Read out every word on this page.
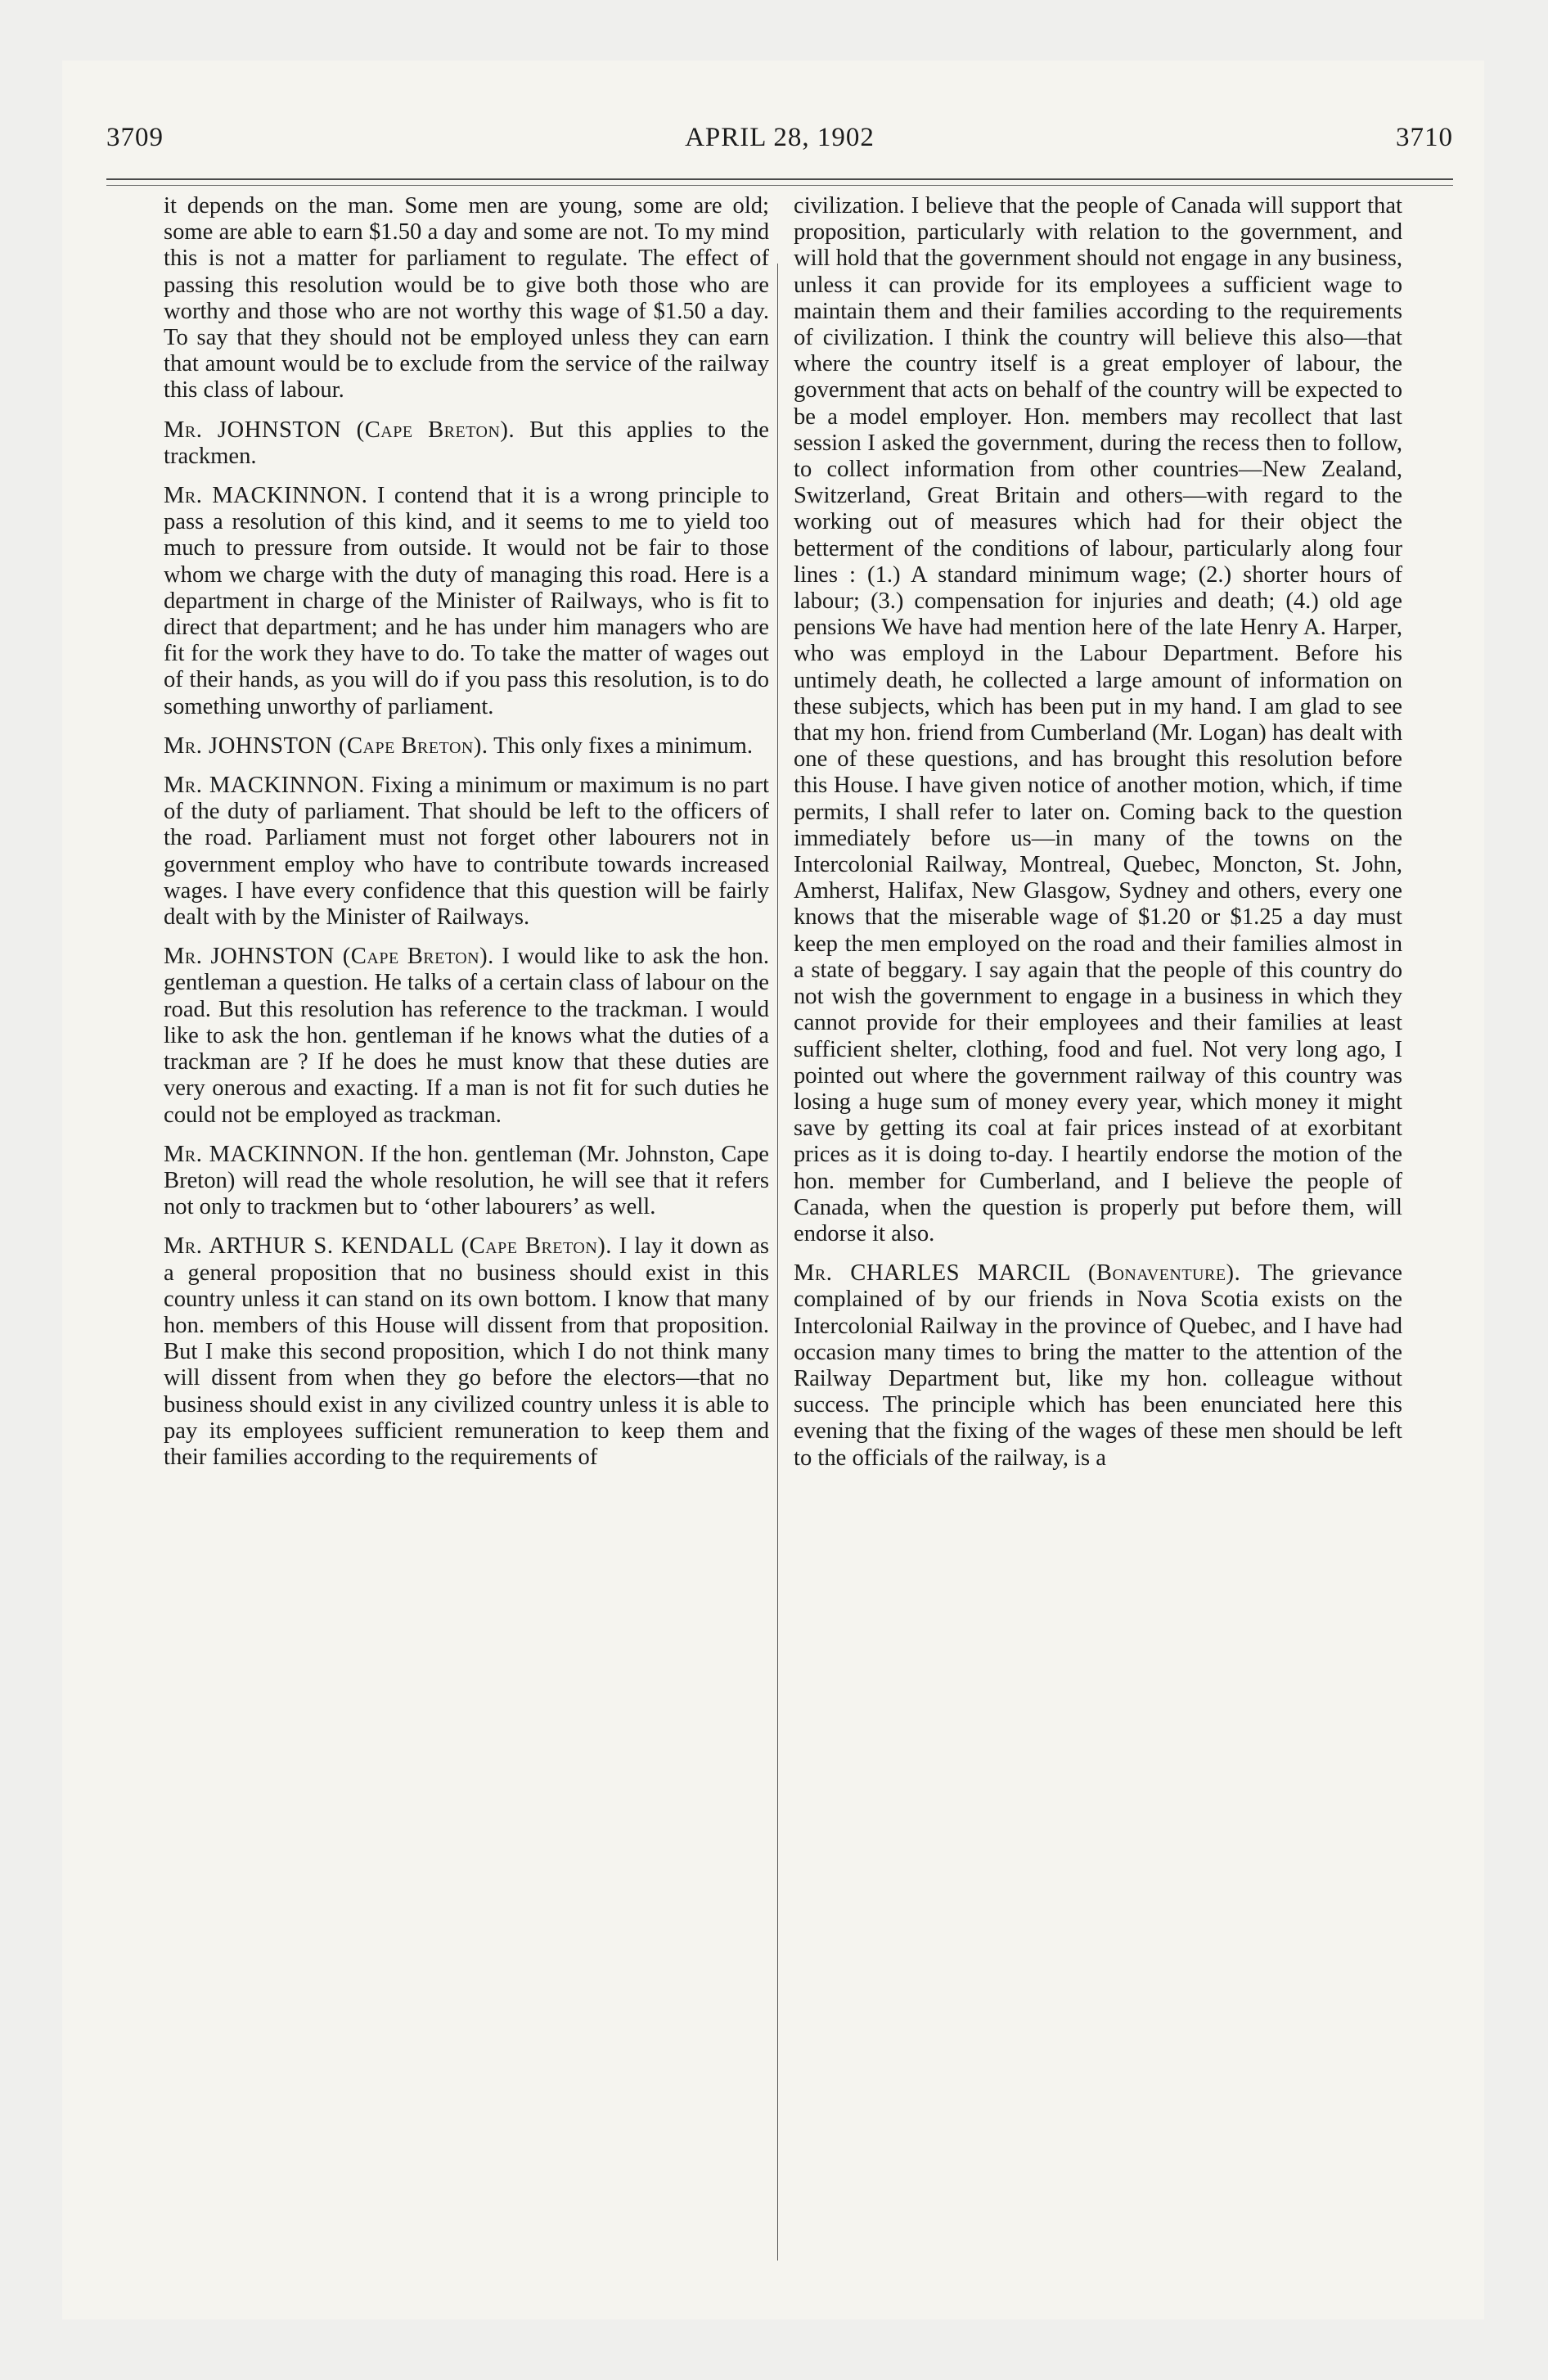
3709	APRIL 28, 1902	3710

it depends on the man. Some men are young, some are old; some are able to earn $1.50 a day and some are not. To my mind this is not a matter for parliament to regulate. The effect of passing this resolution would be to give both those who are worthy and those who are not worthy this wage of $1.50 a day. To say that they should not be employed unless they can earn that amount would be to exclude from the service of the railway this class of labour.

Mr. JOHNSTON (Cape Breton). But this applies to the trackmen.

Mr. MACKINNON. I contend that it is a wrong principle to pass a resolution of this kind, and it seems to me to yield too much to pressure from outside. It would not be fair to those whom we charge with the duty of managing this road. Here is a department in charge of the Minister of Railways, who is fit to direct that department; and he has under him managers who are fit for the work they have to do. To take the matter of wages out of their hands, as you will do if you pass this resolution, is to do something unworthy of parliament.

Mr. JOHNSTON (Cape Breton). This only fixes a minimum.

Mr. MACKINNON. Fixing a minimum or maximum is no part of the duty of parliament. That should be left to the officers of the road. Parliament must not forget other labourers not in government employ who have to contribute towards increased wages. I have every confidence that this question will be fairly dealt with by the Minister of Railways.

Mr. JOHNSTON (Cape Breton). I would like to ask the hon. gentleman a question. He talks of a certain class of labour on the road. But this resolution has reference to the trackman. I would like to ask the hon. gentleman if he knows what the duties of a trackman are ? If he does he must know that these duties are very onerous and exacting. If a man is not fit for such duties he could not be employed as trackman.

Mr. MACKINNON. If the hon. gentleman (Mr. Johnston, Cape Breton) will read the whole resolution, he will see that it refers not only to trackmen but to ‘other labourers’ as well.

Mr. ARTHUR S. KENDALL (Cape Breton). I lay it down as a general proposition that no business should exist in this country unless it can stand on its own bottom. I know that many hon. members of this House will dissent from that proposition. But I make this second proposition, which I do not think many will dissent from when they go before the electors—that no business should exist in any civilized country unless it is able to pay its employees sufficient remuneration to keep them and their families according to the requirements of

civilization. I believe that the people of Canada will support that proposition, particularly with relation to the government, and will hold that the government should not engage in any business, unless it can provide for its employees a sufficient wage to maintain them and their families according to the requirements of civilization. I think the country will believe this also—that where the country itself is a great employer of labour, the government that acts on behalf of the country will be expected to be a model employer. Hon. members may recollect that last session I asked the government, during the recess then to follow, to collect information from other countries—New Zealand, Switzerland, Great Britain and others—with regard to the working out of measures which had for their object the betterment of the conditions of labour, particularly along four lines : (1.) A standard minimum wage; (2.) shorter hours of labour; (3.) compensation for injuries and death; (4.) old age pensions We have had mention here of the late Henry A. Harper, who was employd in the Labour Department. Before his untimely death, he collected a large amount of information on these subjects, which has been put in my hand. I am glad to see that my hon. friend from Cumberland (Mr. Logan) has dealt with one of these questions, and has brought this resolution before this House. I have given notice of another motion, which, if time permits, I shall refer to later on. Coming back to the question immediately before us—in many of the towns on the Intercolonial Railway, Montreal, Quebec, Moncton, St. John, Amherst, Halifax, New Glasgow, Sydney and others, every one knows that the miserable wage of $1.20 or $1.25 a day must keep the men employed on the road and their families almost in a state of beggary. I say again that the people of this country do not wish the government to engage in a business in which they cannot provide for their employees and their families at least sufficient shelter, clothing, food and fuel. Not very long ago, I pointed out where the government railway of this country was losing a huge sum of money every year, which money it might save by getting its coal at fair prices instead of at exorbitant prices as it is doing to-day. I heartily endorse the motion of the hon. member for Cumberland, and I believe the people of Canada, when the question is properly put before them, will endorse it also.

Mr. CHARLES MARCIL (Bonaventure). The grievance complained of by our friends in Nova Scotia exists on the Intercolonial Railway in the province of Quebec, and I have had occasion many times to bring the matter to the attention of the Railway Department but, like my hon. colleague without success. The principle which has been enunciated here this evening that the fixing of the wages of these men should be left to the officials of the railway, is a
